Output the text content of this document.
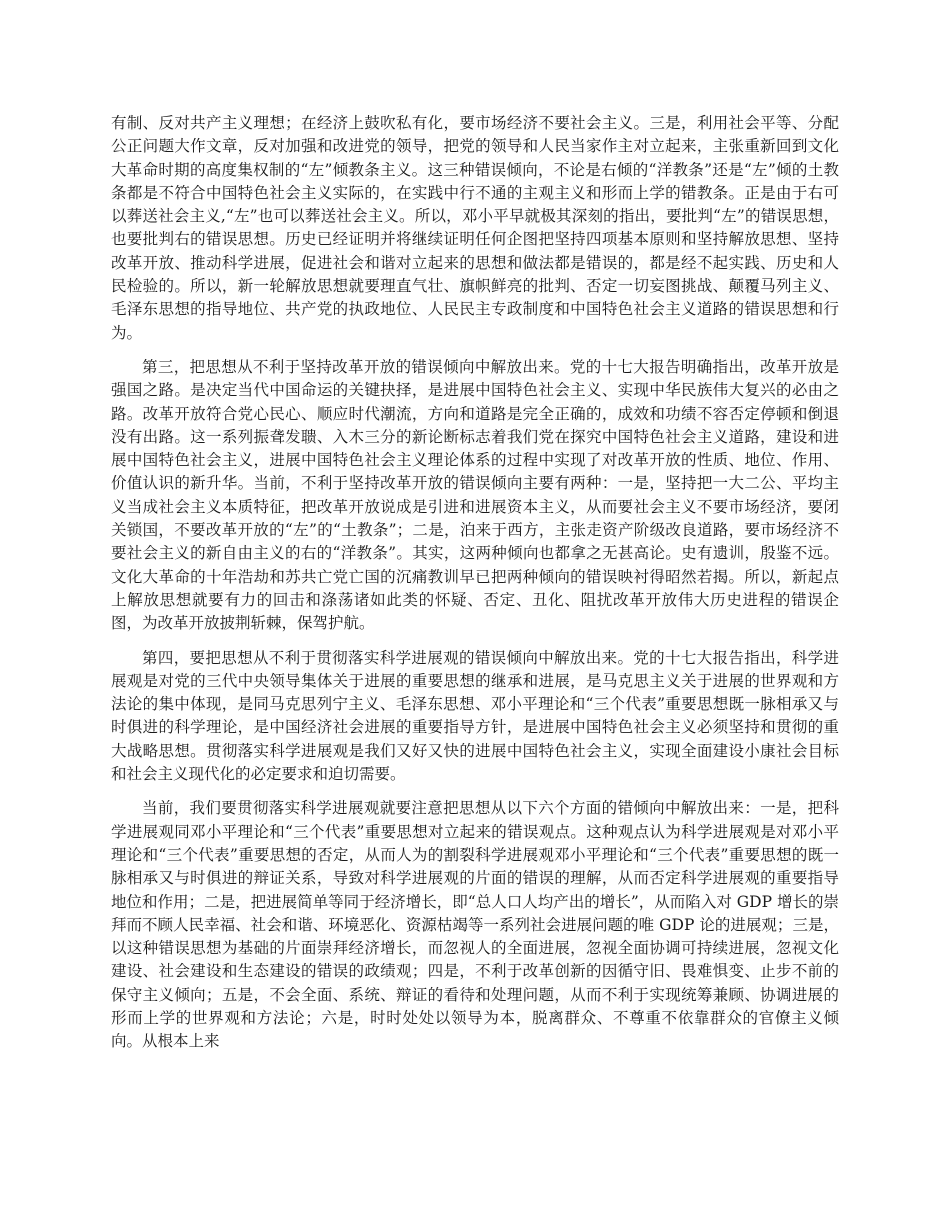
有制、反对共产主义理想；在经济上鼓吹私有化，要市场经济不要社会主义。三是，利用社会平等、分配公正问题大作文章，反对加强和改进党的领导，把党的领导和人民当家作主对立起来，主张重新回到文化大革命时期的高度集权制的“左”倾教条主义。这三种错误倾向，不论是右倾的“洋教条”还是“左”倾的土教条都是不符合中国特色社会主义实际的，在实践中行不通的主观主义和形而上学的错教条。正是由于右可以葬送社会主义,“左”也可以葬送社会主义。所以，邓小平早就极其深刻的指出，要批判“左”的错误思想，也要批判右的错误思想。历史已经证明并将继续证明任何企图把坚持四项基本原则和坚持解放思想、坚持改革开放、推动科学进展，促进社会和谐对立起来的思想和做法都是错误的，都是经不起实践、历史和人民检验的。所以，新一轮解放思想就要理直气壮、旗帜鲜亮的批判、否定一切妄图挑战、颠覆马列主义、毛泽东思想的指导地位、共产党的执政地位、人民民主专政制度和中国特色社会主义道路的错误思想和行为。

第三，把思想从不利于坚持改革开放的错误倾向中解放出来。党的十七大报告明确指出，改革开放是强国之路。是决定当代中国命运的关键抉择，是进展中国特色社会主义、实现中华民族伟大复兴的必由之路。改革开放符合党心民心、顺应时代潮流，方向和道路是完全正确的，成效和功绩不容否定停顿和倒退没有出路。这一系列振聋发聩、入木三分的新论断标志着我们党在探究中国特色社会主义道路，建设和进展中国特色社会主义，进展中国特色社会主义理论体系的过程中实现了对改革开放的性质、地位、作用、价值认识的新升华。当前，不利于坚持改革开放的错误倾向主要有两种：一是，坚持把一大二公、平均主义当成社会主义本质特征，把改革开放说成是引进和进展资本主义，从而要社会主义不要市场经济，要闭关锁国，不要改革开放的“左”的“土教条”；二是，泊来于西方，主张走资产阶级改良道路，要市场经济不要社会主义的新自由主义的右的“洋教条”。其实，这两种倾向也都拿之无甚高论。史有遗训，殷鉴不远。文化大革命的十年浩劫和苏共亡党亡国的沉痛教训早已把两种倾向的错误映衬得昭然若揭。所以，新起点上解放思想就要有力的回击和涤荡诸如此类的怀疑、否定、丑化、阻扰改革开放伟大历史进程的错误企图，为改革开放披荆斩棘，保驾护航。

第四，要把思想从不利于贯彻落实科学进展观的错误倾向中解放出来。党的十七大报告指出，科学进展观是对党的三代中央领导集体关于进展的重要思想的继承和进展，是马克思主义关于进展的世界观和方法论的集中体现，是同马克思列宁主义、毛泽东思想、邓小平理论和“三个代表”重要思想既一脉相承又与时俱进的科学理论，是中国经济社会进展的重要指导方针，是进展中国特色社会主义必须坚持和贯彻的重大战略思想。贯彻落实科学进展观是我们又好又快的进展中国特色社会主义，实现全面建设小康社会目标和社会主义现代化的必定要求和迫切需要。

当前，我们要贯彻落实科学进展观就要注意把思想从以下六个方面的错倾向中解放出来：一是，把科学进展观同邓小平理论和“三个代表”重要思想对立起来的错误观点。这种观点认为科学进展观是对邓小平理论和“三个代表”重要思想的否定，从而人为的割裂科学进展观邓小平理论和“三个代表”重要思想的既一脉相承又与时俱进的辩证关系，导致对科学进展观的片面的错误的理解，从而否定科学进展观的重要指导地位和作用；二是，把进展简单等同于经济增长，即“总人口人均产出的增长”，从而陷入对 GDP 增长的崇拜而不顾人民幸福、社会和谐、环境恶化、资源枯竭等一系列社会进展问题的唯 GDP 论的进展观；三是，以这种错误思想为基础的片面崇拜经济增长，而忽视人的全面进展，忽视全面协调可持续进展，忽视文化建设、社会建设和生态建设的错误的政绩观；四是，不利于改革创新的因循守旧、畏难惧变、止步不前的保守主义倾向；五是，不会全面、系统、辩证的看待和处理问题，从而不利于实现统筹兼顾、协调进展的形而上学的世界观和方法论；六是，时时处处以领导为本，脱离群众、不尊重不依靠群众的官僚主义倾向。从根本上来
